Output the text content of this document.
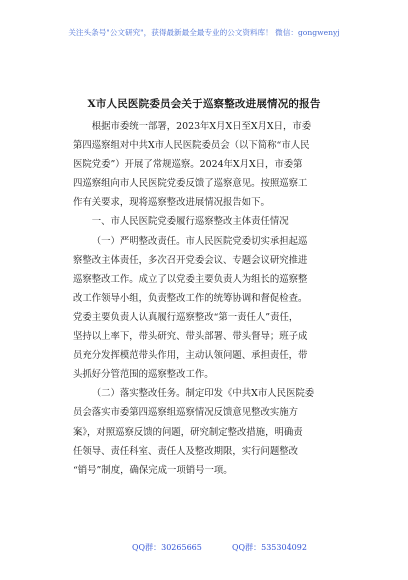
关注头条号"公文研究"，获得最新最全最专业的公文资料库！ 微信：gongwenyj
X市人民医院委员会关于巡察整改进展情况的报告

根据市委统一部署，2023年X月X日至X月X日，市委
第四巡察组对中共X市人民医院委员会（以下简称“市人民
医院党委”）开展了常规巡察。2024年X月X日，市委第
四巡察组向市人民医院党委反馈了巡察意见。按照巡察工
作有关要求，现将巡察整改进展情况报告如下。

一、市人民医院党委履行巡察整改主体责任情况

（一）严明整改责任。市人民医院党委切实承担起巡
察整改主体责任，多次召开党委会议、专题会议研究推进
巡察整改工作。成立了以党委主要负责人为组长的巡察整
改工作领导小组，负责整改工作的统筹协调和督促检查。
党委主要负责人认真履行巡察整改“第一责任人”责任，
坚持以上率下，带头研究、带头部署、带头督导；班子成
员充分发挥模范带头作用，主动认领问题、承担责任，带
头抓好分管范围的巡察整改工作。

（二）落实整改任务。制定印发《中共X市人民医院委
员会落实市委第四巡察组巡察情况反馈意见整改实施方
案》，对照巡察反馈的问题，研究制定整改措施，明确责
任领导、责任科室、责任人及整改期限，实行问题整改
“销号”制度，确保完成一项销号一项。

QQ群：30265665	QQ群：535304092
